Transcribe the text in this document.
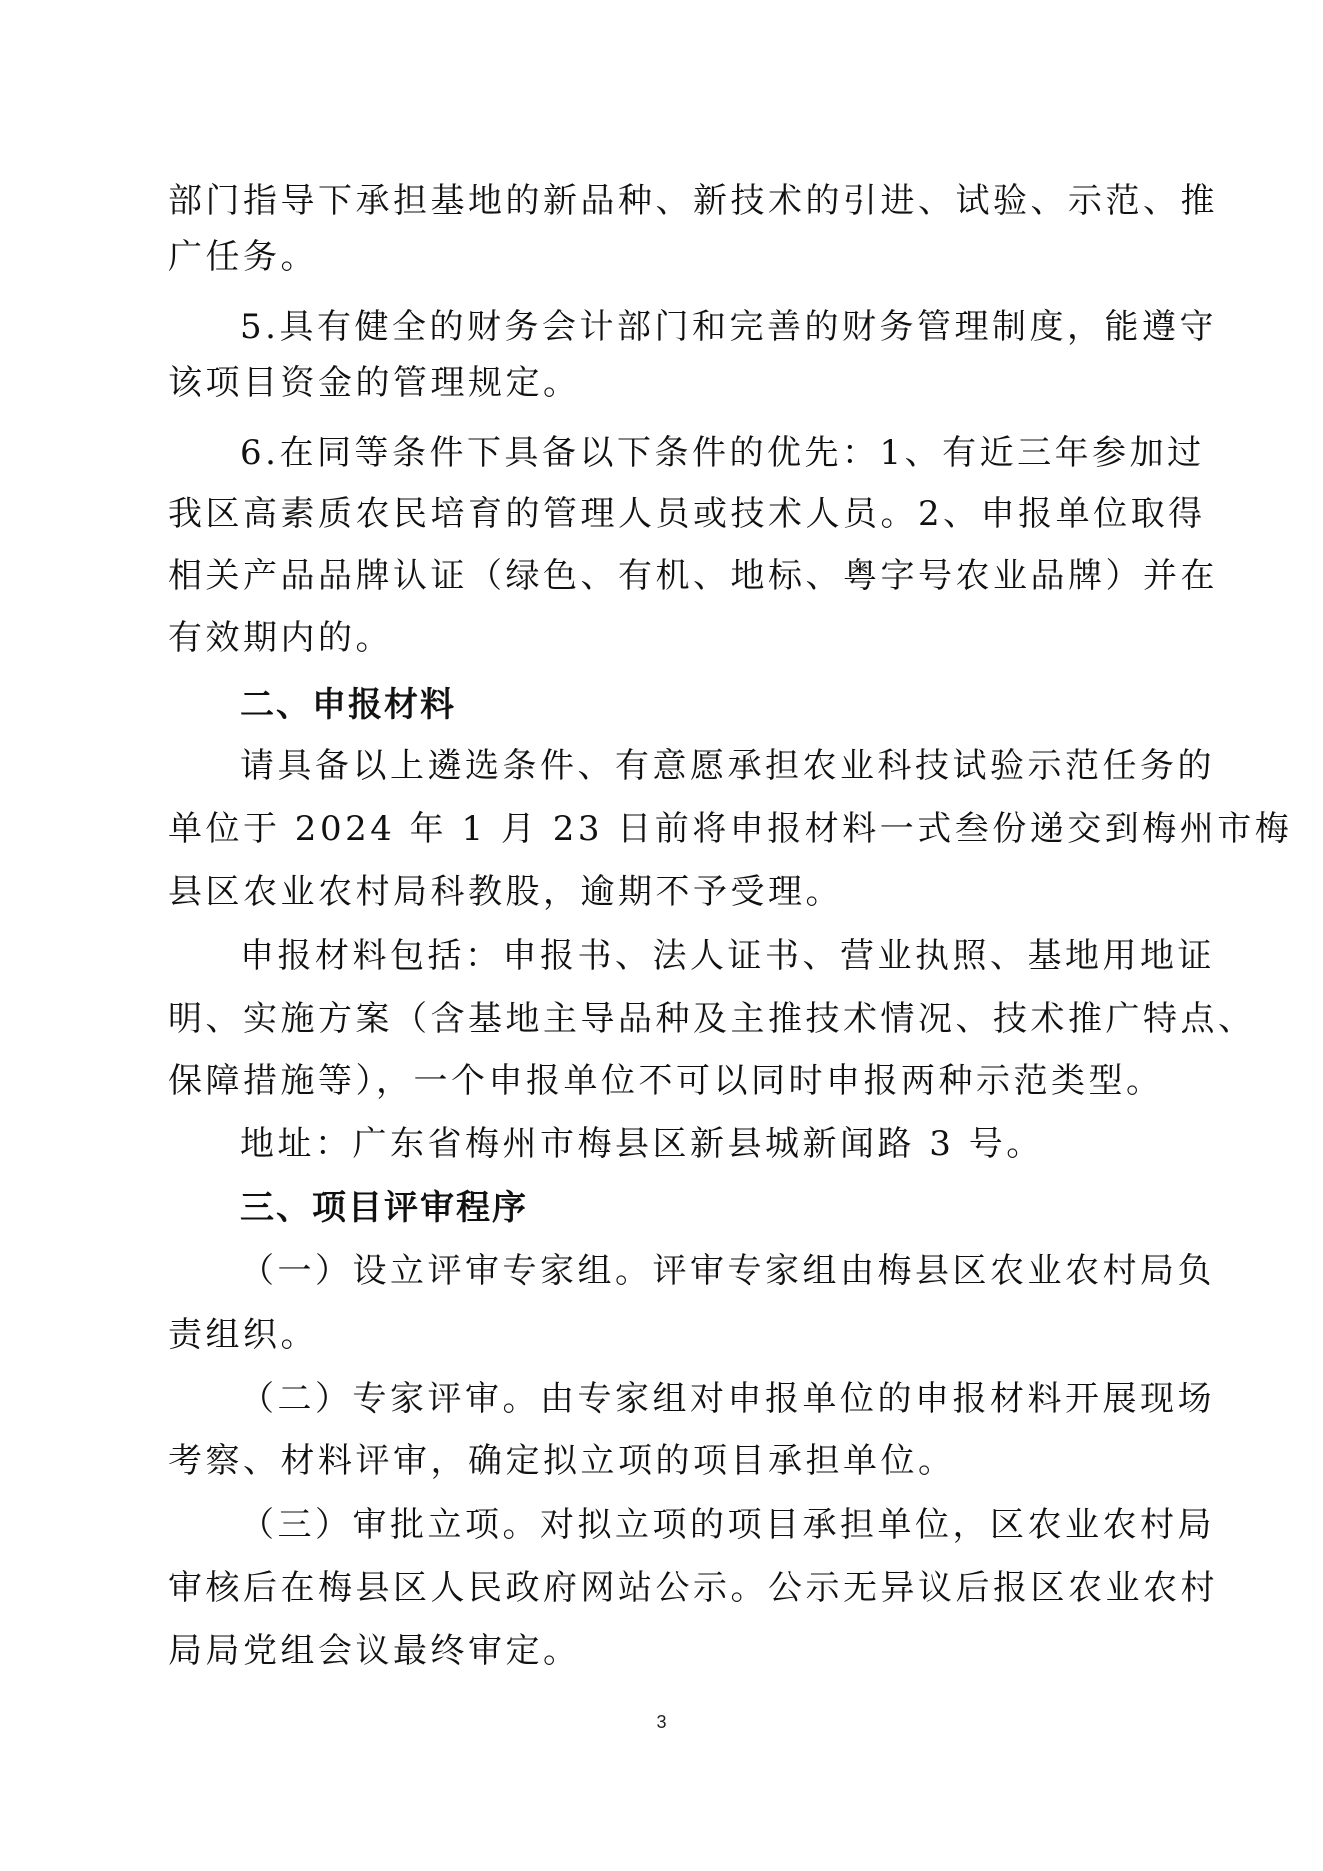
部门指导下承担基地的新品种、新技术的引进、试验、示范、推
广任务。
5.具有健全的财务会计部门和完善的财务管理制度，能遵守
该项目资金的管理规定。
6.在同等条件下具备以下条件的优先：1、有近三年参加过
我区高素质农民培育的管理人员或技术人员。2、申报单位取得
相关产品品牌认证（绿色、有机、地标、粤字号农业品牌）并在
有效期内的。
二、申报材料
请具备以上遴选条件、有意愿承担农业科技试验示范任务的
单位于 2024 年 1 月 23 日前将申报材料一式叁份递交到梅州市梅
县区农业农村局科教股，逾期不予受理。
申报材料包括：申报书、法人证书、营业执照、基地用地证
明、实施方案（含基地主导品种及主推技术情况、技术推广特点、
保障措施等），一个申报单位不可以同时申报两种示范类型。
地址：广东省梅州市梅县区新县城新闻路 3 号。
三、项目评审程序
（一）设立评审专家组。评审专家组由梅县区农业农村局负
责组织。
（二）专家评审。由专家组对申报单位的申报材料开展现场
考察、材料评审，确定拟立项的项目承担单位。
（三）审批立项。对拟立项的项目承担单位，区农业农村局
审核后在梅县区人民政府网站公示。公示无异议后报区农业农村
局局党组会议最终审定。
3
